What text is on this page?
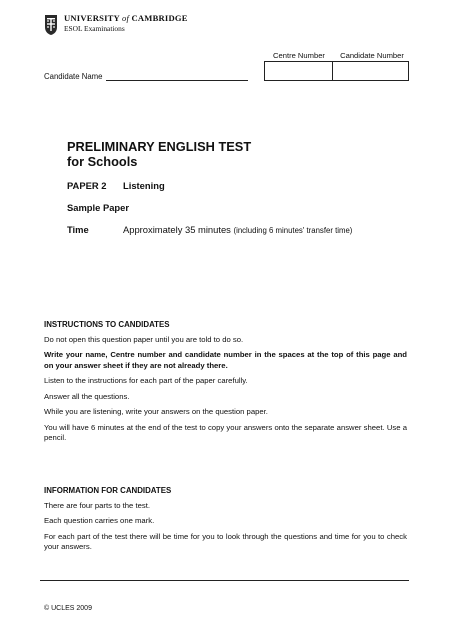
UNIVERSITY of CAMBRIDGE
ESOL Examinations
Centre Number	Candidate Number
Candidate Name
PRELIMINARY ENGLISH TEST
for Schools
PAPER 2 Listening
Sample Paper
Time	Approximately 35 minutes (including 6 minutes' transfer time)
INSTRUCTIONS TO CANDIDATES

Do not open this question paper until you are told to do so.

Write your name, Centre number and candidate number in the spaces at the top of this page and on your answer sheet if they are not already there.

Listen to the instructions for each part of the paper carefully.

Answer all the questions.

While you are listening, write your answers on the question paper.

You will have 6 minutes at the end of the test to copy your answers onto the separate answer sheet. Use a pencil.

INFORMATION FOR CANDIDATES

There are four parts to the test.

Each question carries one mark.

For each part of the test there will be time for you to look through the questions and time for you to check your answers.

© UCLES 2009
